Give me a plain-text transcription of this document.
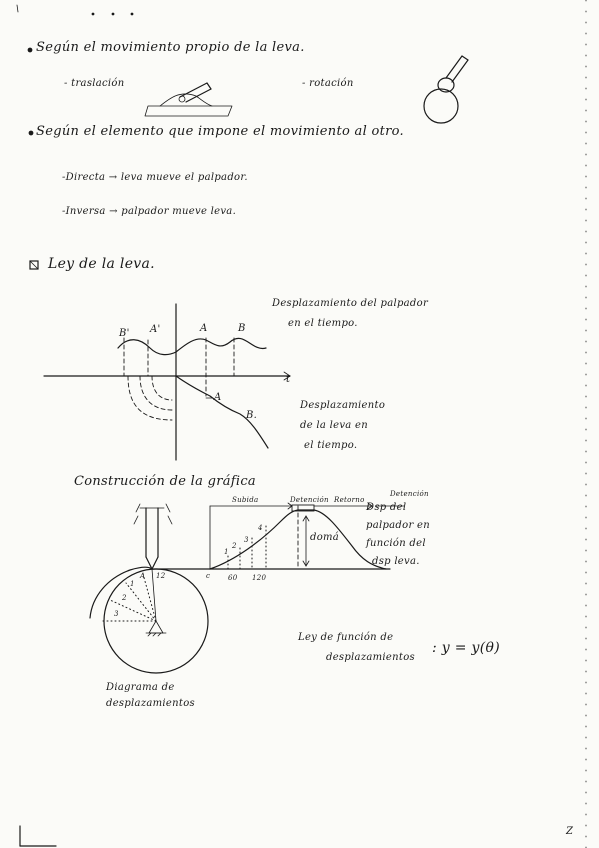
Según el movimiento propio de la leva.
- traslación	- rotación
Según el elemento que impone el movimiento al otro.
-Directa → leva mueve el palpador.
-Inversa → palpador mueve leva.
Ley de la leva.
Desplazamiento del palpador
en el tiempo.
B' A'	A	B
t
A
B.
Desplazamiento
de la leva en
el tiempo.
Construcción de la gráfica
Subida	Detención Retorno
Detención
domá
Dsp del
palpador en
función del
dsp leva.
c	60 120
1
2
3
4
A 12
1
2
3
Diagrama de
desplazamientos
Ley de función de
desplazamientos
: y = y(θ)
Z
